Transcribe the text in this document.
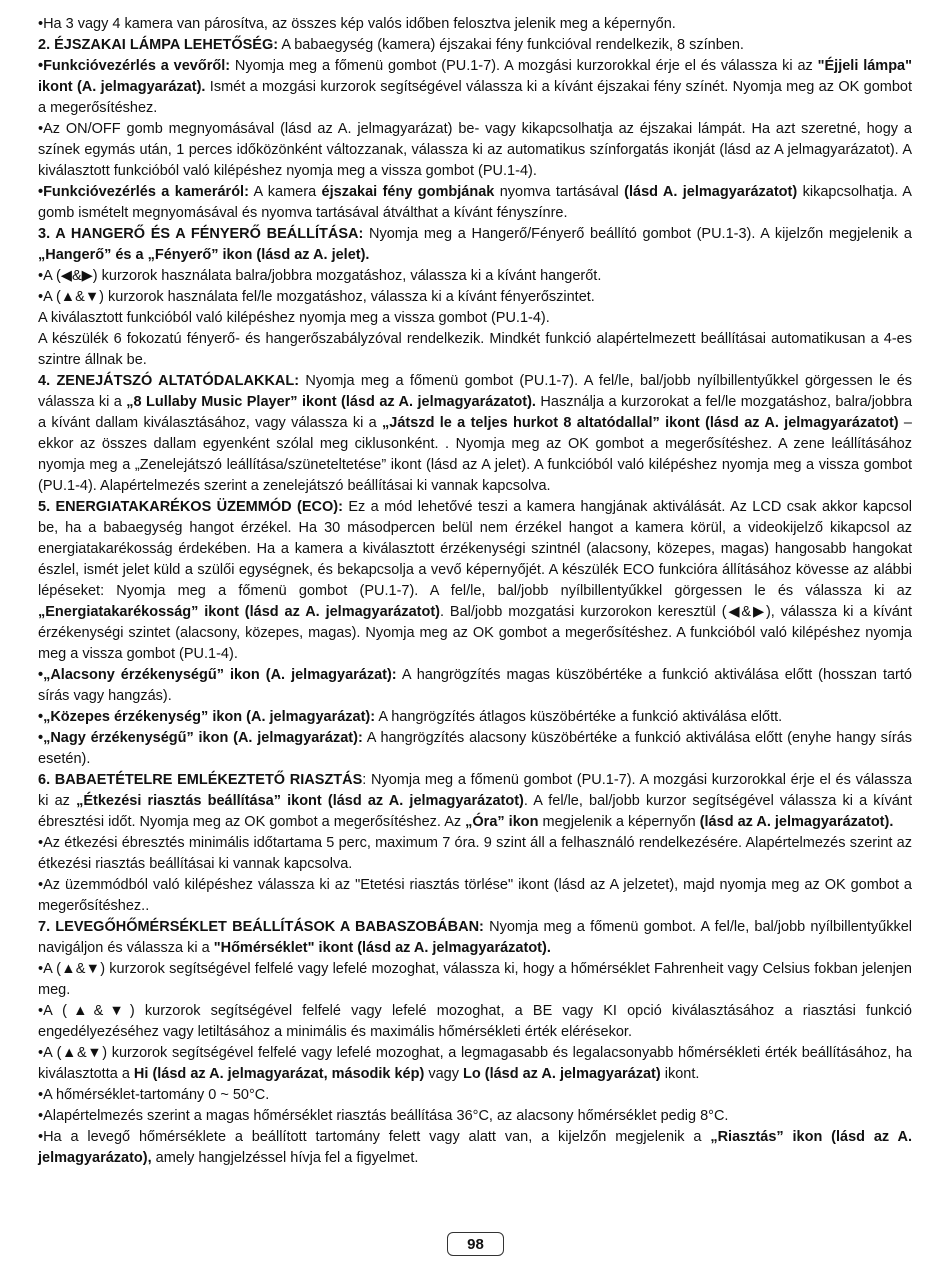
•Ha 3 vagy 4 kamera van párosítva, az összes kép valós időben felosztva jelenik meg a képernyőn.

2. ÉJSZAKAI LÁMPA LEHETŐSÉG: A babaegység (kamera) éjszakai fény funkcióval rendelkezik, 8 színben.

•Funkcióvezérlés a vevőről: Nyomja meg a főmenü gombot (PU.1-7). A mozgási kurzorokkal érje el és válassza ki az "Éjjeli lámpa" ikont (A. jelmagyarázat). Ismét a mozgási kurzorok segítségével válassza ki a kívánt éjszakai fény színét. Nyomja meg az OK gombot a megerősítéshez.

•Az ON/OFF gomb megnyomásával (lásd az A. jelmagyarázat) be- vagy kikapcsolhatja az éjszakai lámpát. Ha azt szeretné, hogy a színek egymás után, 1 perces időközönként változzanak, válassza ki az automatikus színforgatás ikonját (lásd az A jelmagyarázatot). A kiválasztott funkcióból való kilépéshez nyomja meg a vissza gombot (PU.1-4).

•Funkcióvezérlés a kameráról: A kamera éjszakai fény gombjának nyomva tartásával (lásd A. jelmagyarázatot) kikapcsolhatja. A gomb ismételt megnyomásával és nyomva tartásával átválthat a kívánt fényszínre.

3. A HANGERŐ ÉS A FÉNYERŐ BEÁLLÍTÁSA: Nyomja meg a Hangerő/Fényerő beállító gombot (PU.1-3). A kijelzőn megjelenik a „Hangerő” és a „Fényerő” ikon (lásd az A. jelet).

•A (◀&▶) kurzorok használata balra/jobbra mozgatáshoz, válassza ki a kívánt hangerőt.

•A (▲&▼) kurzorok használata fel/le mozgatáshoz, válassza ki a kívánt fényerőszintet.

A kiválasztott funkcióból való kilépéshez nyomja meg a vissza gombot (PU.1-4).

A készülék 6 fokozatú fényerő- és hangerőszabályzóval rendelkezik. Mindkét funkció alapértelmezett beállításai automatikusan a 4-es szintre állnak be.

4. ZENEJÁTSZÓ ALTATÓDALAKKAL: Nyomja meg a főmenü gombot (PU.1-7). A fel/le, bal/jobb nyílbillentyűkkel görgessen le és válassza ki a „8 Lullaby Music Player” ikont (lásd az A. jelmagyarázatot). Használja a kurzorokat a fel/le mozgatáshoz, balra/jobbra a kívánt dallam kiválasztásához, vagy válassza ki a „Játszd le a teljes hurkot 8 altatódallal” ikont (lásd az A. jelmagyarázatot) – ekkor az összes dallam egyenként szólal meg ciklusonként. . Nyomja meg az OK gombot a megerősítéshez. A zene leállításához nyomja meg a „Zenelejátszó leállítása/szüneteltetése” ikont (lásd az A jelet). A funkcióból való kilépéshez nyomja meg a vissza gombot (PU.1-4). Alapértelmezés szerint a zenelejátszó beállításai ki vannak kapcsolva.

5. ENERGIATAKARÉKOS ÜZEMMÓD (ECO): Ez a mód lehetővé teszi a kamera hangjának aktiválását. Az LCD csak akkor kapcsol be, ha a babaegység hangot érzékel. Ha 30 másodpercen belül nem érzékel hangot a kamera körül, a videokijelző kikapcsol az energiatakarékosság érdekében. Ha a kamera a kiválasztott érzékenységi szintnél (alacsony, közepes, magas) hangosabb hangokat észlel, ismét jelet küld a szülői egységnek, és bekapcsolja a vevő képernyőjét. A készülék ECO funkcióra állításához kövesse az alábbi lépéseket: Nyomja meg a főmenü gombot (PU.1-7). A fel/le, bal/jobb nyílbillentyűkkel görgessen le és válassza ki az „Energiatakarékosság” ikont (lásd az A. jelmagyarázatot). Bal/jobb mozgatási kurzorokon keresztül (◀&▶), válassza ki a kívánt érzékenységi szintet (alacsony, közepes, magas). Nyomja meg az OK gombot a megerősítéshez. A funkcióból való kilépéshez nyomja meg a vissza gombot (PU.1-4).

•„Alacsony érzékenységű” ikon (A. jelmagyarázat): A hangrögzítés magas küszöbértéke a funkció aktiválása előtt (hosszan tartó sírás vagy hangzás).

•„Közepes érzékenység” ikon (A. jelmagyarázat): A hangrögzítés átlagos küszöbértéke a funkció aktiválása előtt.

•„Nagy érzékenységű” ikon (A. jelmagyarázat): A hangrögzítés alacsony küszöbértéke a funkció aktiválása előtt (enyhe hangy sírás esetén).

6. BABAETÉTELRE EMLÉKEZTETŐ RIASZTÁS: Nyomja meg a főmenü gombot (PU.1-7). A mozgási kurzorokkal érje el és válassza ki az „Étkezési riasztás beállítása” ikont (lásd az A. jelmagyarázatot). A fel/le, bal/jobb kurzor segítségével válassza ki a kívánt ébresztési időt. Nyomja meg az OK gombot a megerősítéshez. Az „Óra” ikon megjelenik a képernyőn (lásd az A. jelmagyarázatot).

•Az étkezési ébresztés minimális időtartama 5 perc, maximum 7 óra. 9 szint áll a felhasználó rendelkezésére. Alapértelmezés szerint az étkezési riasztás beállításai ki vannak kapcsolva.

•Az üzemmódból való kilépéshez válassza ki az "Etetési riasztás törlése" ikont (lásd az A jelzetet), majd nyomja meg az OK gombot a megerősítéshez..

7. LEVEGŐHŐMÉRSÉKLET BEÁLLÍTÁSOK A BABASZOBÁBAN: Nyomja meg a főmenü gombot. A fel/le, bal/jobb nyílbillentyűkkel navigáljon és válassza ki a "Hőmérséklet" ikont (lásd az A. jelmagyarázatot).

•A (▲&▼) kurzorok segítségével felfelé vagy lefelé mozoghat, válassza ki, hogy a hőmérséklet Fahrenheit vagy Celsius fokban jelenjen meg.

•A (▲&▼) kurzorok segítségével felfelé vagy lefelé mozoghat, a BE vagy KI opció kiválasztásához a riasztási funkció engedélyezéséhez vagy letiltásához a minimális és maximális hőmérsékleti érték elérésekor.

•A (▲&▼) kurzorok segítségével felfelé vagy lefelé mozoghat, a legmagasabb és legalacsonyabb hőmérsékleti érték beállításához, ha kiválasztotta a Hi (lásd az A. jelmagyarázat, második kép) vagy Lo (lásd az A. jelmagyarázat) ikont.

•A hőmérséklet-tartomány 0 ~ 50°C.

•Alapértelmezés szerint a magas hőmérséklet riasztás beállítása 36°C, az alacsony hőmérséklet pedig 8°C.

•Ha a levegő hőmérséklete a beállított tartomány felett vagy alatt van, a kijelzőn megjelenik a „Riasztás” ikon (lásd az A. jelmagyarázato), amely hangjelzéssel hívja fel a figyelmet.

98
